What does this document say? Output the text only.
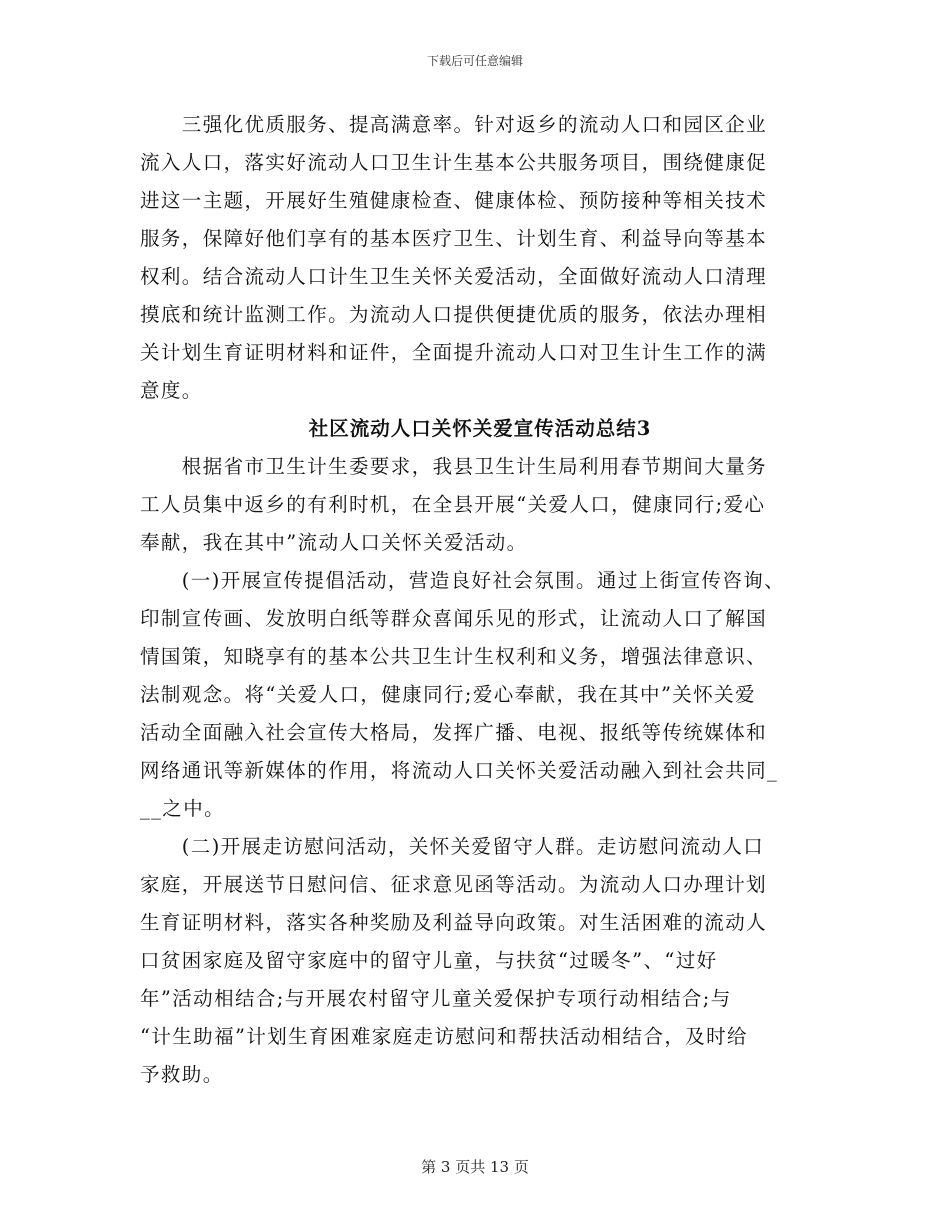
下载后可任意编辑
　　三强化优质服务、提高满意率。针对返乡的流动人口和园区企业
流入人口，落实好流动人口卫生计生基本公共服务项目，围绕健康促
进这一主题，开展好生殖健康检查、健康体检、预防接种等相关技术
服务，保障好他们享有的基本医疗卫生、计划生育、利益导向等基本
权利。结合流动人口计生卫生关怀关爱活动，全面做好流动人口清理
摸底和统计监测工作。为流动人口提供便捷优质的服务，依法办理相
关计划生育证明材料和证件，全面提升流动人口对卫生计生工作的满
意度。
社区流动人口关怀关爱宣传活动总结3
　　根据省市卫生计生委要求，我县卫生计生局利用春节期间大量务
工人员集中返乡的有利时机，在全县开展“关爱人口，健康同行;爱心
奉献，我在其中”流动人口关怀关爱活动。
　　(一)开展宣传提倡活动，营造良好社会氛围。通过上街宣传咨询、
印制宣传画、发放明白纸等群众喜闻乐见的形式，让流动人口了解国
情国策，知晓享有的基本公共卫生计生权利和义务，增强法律意识、
法制观念。将“关爱人口，健康同行;爱心奉献，我在其中”关怀关爱
活动全面融入社会宣传大格局，发挥广播、电视、报纸等传统媒体和
网络通讯等新媒体的作用，将流动人口关怀关爱活动融入到社会共同_
__之中。
　　(二)开展走访慰问活动，关怀关爱留守人群。走访慰问流动人口
家庭，开展送节日慰问信、征求意见函等活动。为流动人口办理计划
生育证明材料，落实各种奖励及利益导向政策。对生活困难的流动人
口贫困家庭及留守家庭中的留守儿童，与扶贫“过暖冬”、“过好
年”活动相结合;与开展农村留守儿童关爱保护专项行动相结合;与
“计生助福”计划生育困难家庭走访慰问和帮扶活动相结合，及时给
予救助。
第 3 页共 13 页
